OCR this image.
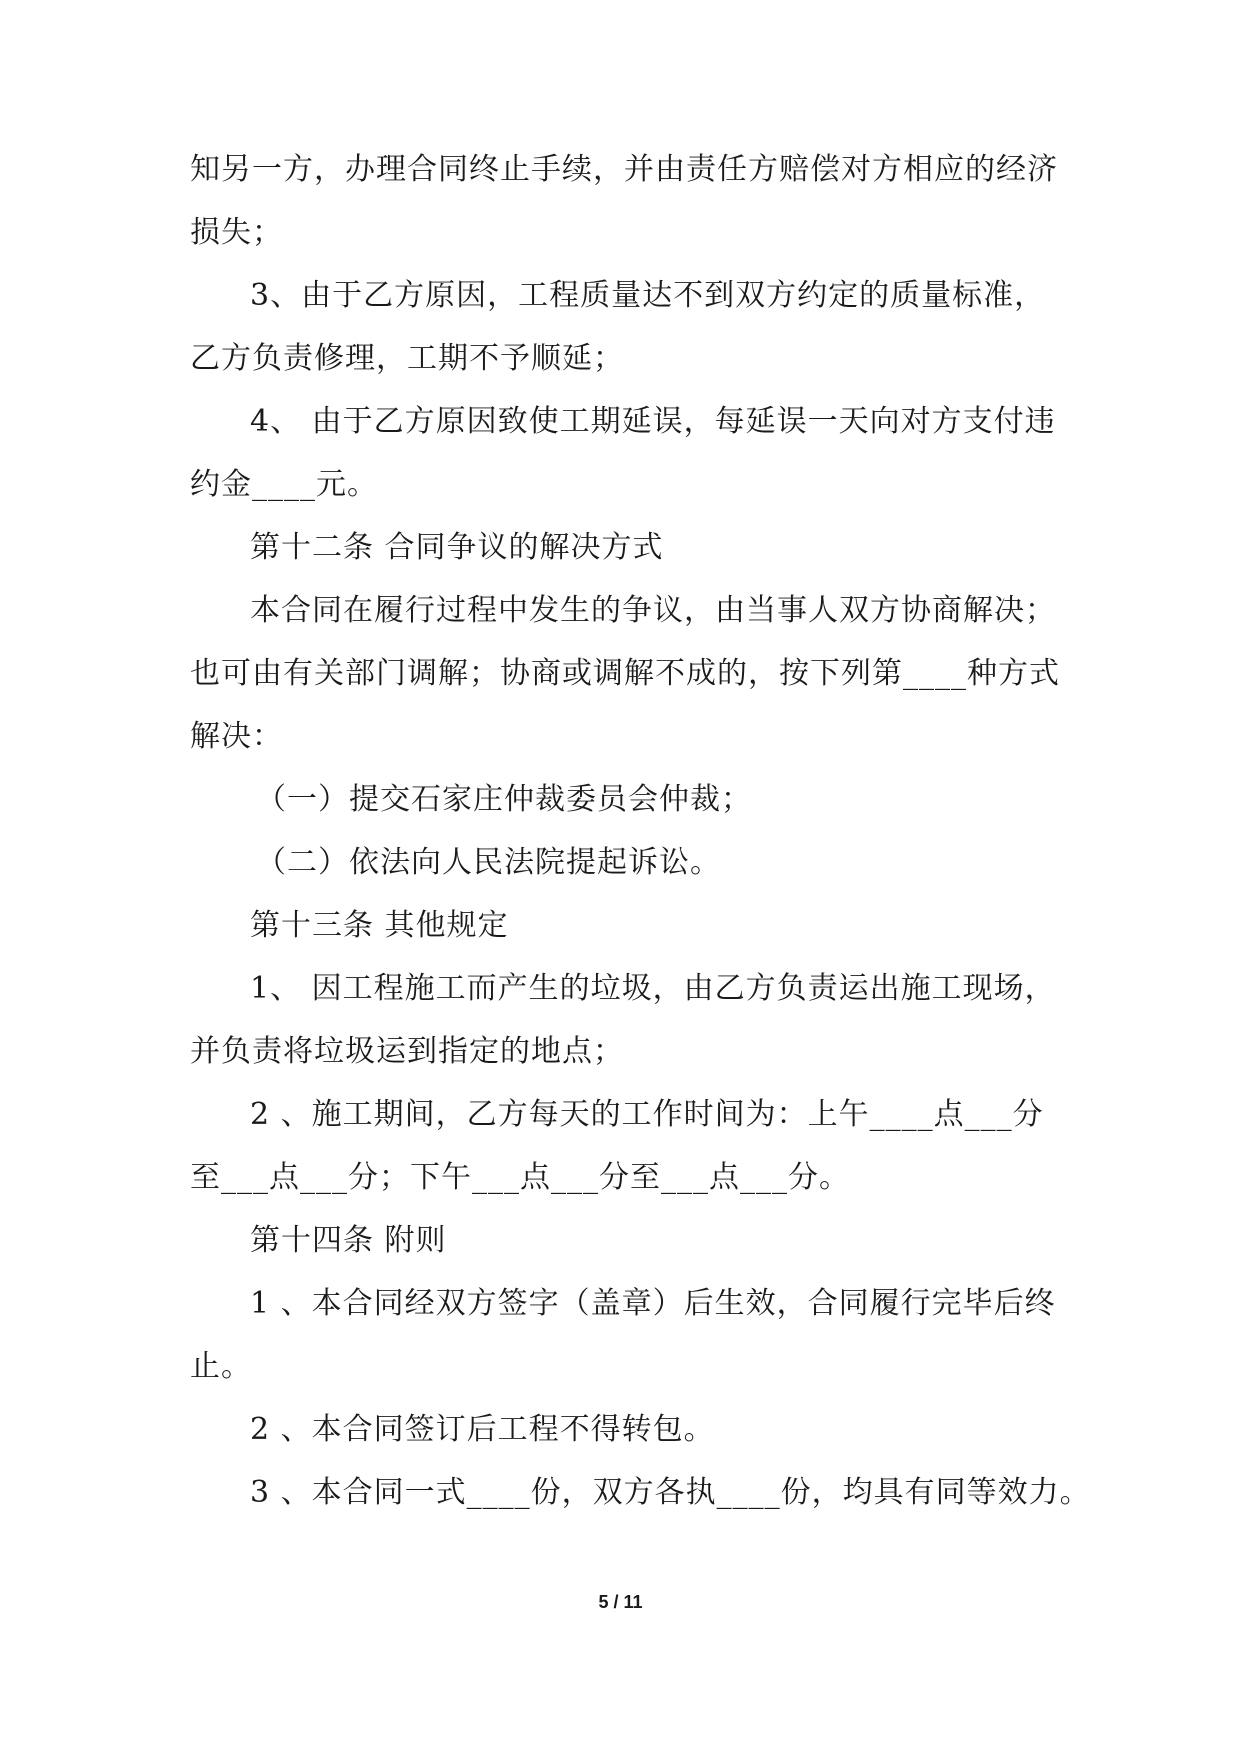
知另一方，办理合同终止手续，并由责任方赔偿对方相应的经济
损失；
3、由于乙方原因，工程质量达不到双方约定的质量标准，
乙方负责修理，工期不予顺延；
4、 由于乙方原因致使工期延误，每延误一天向对方支付违
约金____元。
第十二条 合同争议的解决方式
本合同在履行过程中发生的争议，由当事人双方协商解决；
也可由有关部门调解；协商或调解不成的，按下列第____种方式
解决：
（一）提交石家庄仲裁委员会仲裁；
（二）依法向人民法院提起诉讼。
第十三条 其他规定
1、 因工程施工而产生的垃圾，由乙方负责运出施工现场，
并负责将垃圾运到指定的地点；
2 、施工期间，乙方每天的工作时间为：上午____点___分
至___点___分；下午___点___分至___点___分。
第十四条 附则
1 、本合同经双方签字（盖章）后生效，合同履行完毕后终
止。
2 、本合同签订后工程不得转包。
3 、本合同一式____份，双方各执____份，均具有同等效力。
5 / 11
